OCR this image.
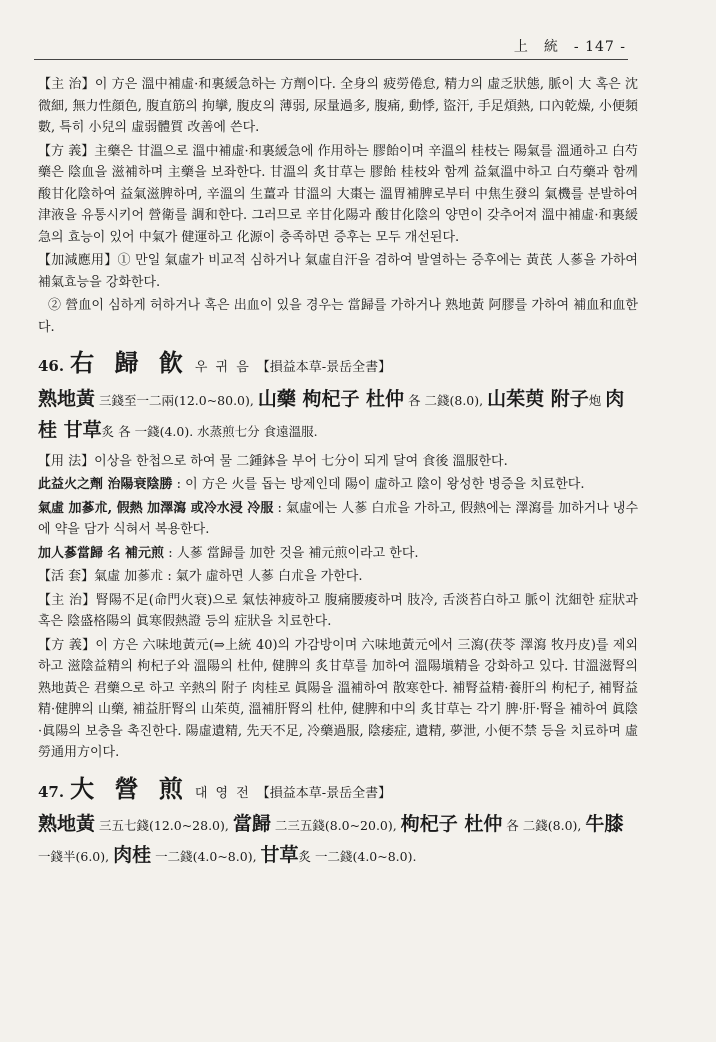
上　統　- 147 -

【主 治】이 方은 溫中補虛·和裏緩急하는 方劑이다. 全身의 疲勞倦怠, 精力의 虛乏狀態, 脈이 大 혹은 沈微細, 無力性顔色, 腹直筋의 拘攣, 腹皮의 薄弱, 尿量過多, 腹痛, 動悸, 盜汗, 手足煩熱, 口內乾燥, 小便頻數, 특히 小兒의 虛弱體質 改善에 쓴다.

【方 義】主藥은 甘溫으로 溫中補虛·和裏緩急에 作用하는 膠飴이며 辛溫의 桂枝는 陽氣를 溫通하고 白芍藥은 陰血을 滋補하며 主藥을 보좌한다. 甘溫의 炙甘草는 膠飴 桂枝와 함께 益氣溫中하고 白芍藥과 함께 酸甘化陰하여 益氣滋脾하며, 辛溫의 生薑과 甘溫의 大棗는 溫胃補脾로부터 中焦生發의 氣機를 분발하여 津液을 유통시키어 營衛를 調和한다. 그러므로 辛甘化陽과 酸甘化陰의 양면이 갖추어져 溫中補虛·和裏緩急의 효능이 있어 中氣가 健運하고 化源이 충족하면 증후는 모두 개선된다.

【加減應用】① 만일 氣虛가 비교적 심하거나 氣虛自汗을 겸하여 발열하는 증후에는 黃芪 人蔘을 가하여 補氣효능을 강화한다.

② 營血이 심하게 허하거나 혹은 出血이 있을 경우는 當歸를 가하거나 熟地黃 阿膠를 가하여 補血和血한다.

46. 右 歸 飮 우 귀 음 【損益本草-景岳全書】
熟地黃 三錢至一二兩(12.0~80.0), 山藥 枸杞子 杜仲 各 二錢(8.0), 山茱萸 附子炮 肉桂 甘草炙 各 一錢(4.0). 水蒸煎七分 食遠溫服.

【用 法】이상을 한첩으로 하여 물 二鍾鉢을 부어 七分이 되게 달여 食後 溫服한다.

此益火之劑 治陽衰陰勝 : 이 方은 火를 돕는 방제인데 陽이 虛하고 陰이 왕성한 병증을 치료한다.

氣虛 加蔘朮, 假熱 加澤瀉 或冷水浸 冷服 : 氣虛에는 人蔘 白朮을 가하고, 假熱에는 澤瀉를 加하거나 냉수에 약을 담가 식혀서 복용한다.

加人蔘當歸 名 補元煎 : 人蔘 當歸를 加한 것을 補元煎이라고 한다.

【活 套】氣虛 加蔘朮 : 氣가 虛하면 人蔘 白朮을 가한다.

【主 治】腎陽不足(命門火衰)으로 氣怯神疲하고 腹痛腰痠하며 肢冷, 舌淡苔白하고 脈이 沈細한 症狀과 혹은 陰盛格陽의 眞寒假熱證 등의 症狀을 치료한다.

【方 義】이 方은 六味地黃元(⇒上統 40)의 가감방이며 六味地黃元에서 三瀉(茯苓 澤瀉 牧丹皮)를 제외하고 滋陰益精의 枸杞子와 溫陽의 杜仲, 健脾의 炙甘草를 加하여 溫陽塡精을 강화하고 있다. 甘溫滋腎의 熟地黃은 君藥으로 하고 辛熱의 附子 肉桂로 眞陽을 溫補하여 散寒한다. 補腎益精·養肝의 枸杞子, 補腎益精·健脾의 山藥, 補益肝腎의 山茱萸, 溫補肝腎의 杜仲, 健脾和中의 炙甘草는 각기 脾·肝·腎을 補하여 眞陰·眞陽의 보충을 촉진한다. 陽虛遺精, 先天不足, 冷藥過服, 陰痿症, 遺精, 夢泄, 小便不禁 등을 치료하며 虛勞通用方이다.

47. 大 營 煎 대 영 전 【損益本草-景岳全書】
熟地黃 三五七錢(12.0~28.0), 當歸 二三五錢(8.0~20.0), 枸杞子 杜仲 各 二錢(8.0), 牛膝 一錢半(6.0), 肉桂 一二錢(4.0~8.0), 甘草炙 一二錢(4.0~8.0).
